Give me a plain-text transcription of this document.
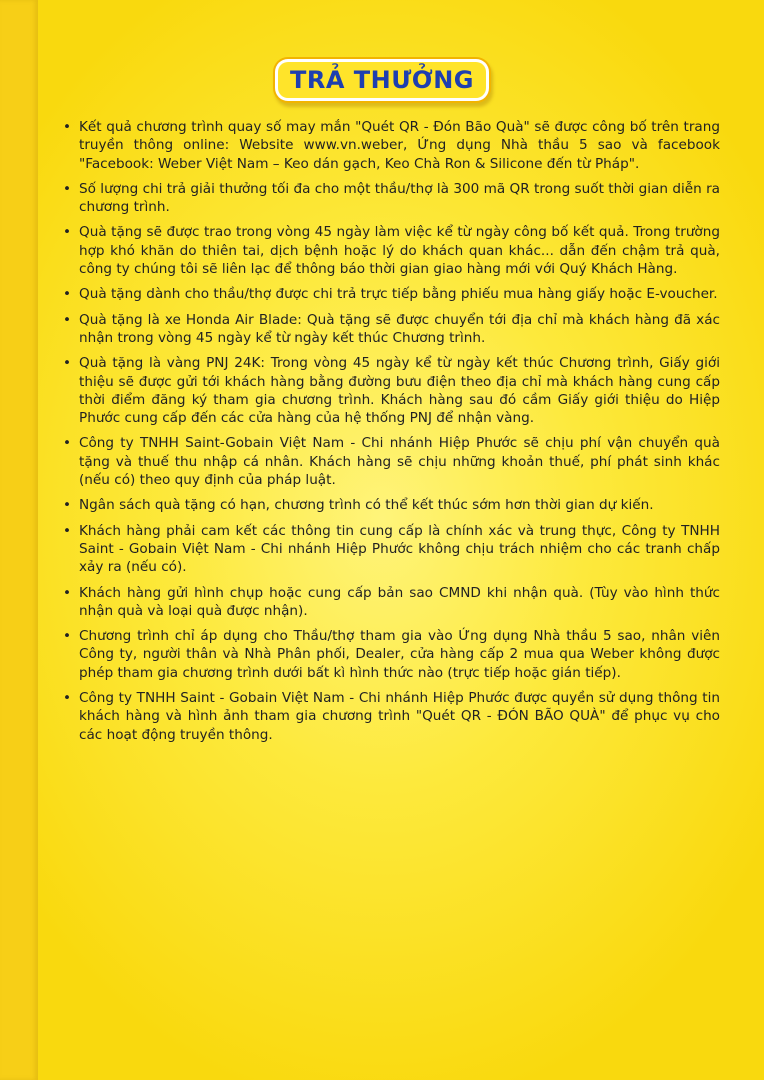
TRẢ THƯỞNG
• Kết quả chương trình quay số may mắn "Quét QR - Đón Bão Quà" sẽ được công bố trên trang truyền thông online: Website www.vn.weber, Ứng dụng Nhà thầu 5 sao và facebook "Facebook: Weber Việt Nam – Keo dán gạch, Keo Chà Ron & Silicone đến từ Pháp".
• Số lượng chi trả giải thưởng tối đa cho một thầu/thợ là 300 mã QR trong suốt thời gian diễn ra chương trình.
• Quà tặng sẽ được trao trong vòng 45 ngày làm việc kể từ ngày công bố kết quả. Trong trường hợp khó khăn do thiên tai, dịch bệnh hoặc lý do khách quan khác... dẫn đến chậm trả quà, công ty chúng tôi sẽ liên lạc để thông báo thời gian giao hàng mới với Quý Khách Hàng.
• Quà tặng dành cho thầu/thợ được chi trả trực tiếp bằng phiếu mua hàng giấy hoặc E-voucher.
• Quà tặng là xe Honda Air Blade: Quà tặng sẽ được chuyển tới địa chỉ mà khách hàng đã xác nhận trong vòng 45 ngày kể từ ngày kết thúc Chương trình.
• Quà tặng là vàng PNJ 24K: Trong vòng 45 ngày kể từ ngày kết thúc Chương trình, Giấy giới thiệu sẽ được gửi tới khách hàng bằng đường bưu điện theo địa chỉ mà khách hàng cung cấp thời điểm đăng ký tham gia chương trình. Khách hàng sau đó cầm Giấy giới thiệu do Hiệp Phước cung cấp đến các cửa hàng của hệ thống PNJ để nhận vàng.
• Công ty TNHH Saint-Gobain Việt Nam - Chi nhánh Hiệp Phước sẽ chịu phí vận chuyển quà tặng và thuế thu nhập cá nhân. Khách hàng sẽ chịu những khoản thuế, phí phát sinh khác (nếu có) theo quy định của pháp luật.
• Ngân sách quà tặng có hạn, chương trình có thể kết thúc sớm hơn thời gian dự kiến.
• Khách hàng phải cam kết các thông tin cung cấp là chính xác và trung thực, Công ty TNHH Saint - Gobain Việt Nam - Chi nhánh Hiệp Phước không chịu trách nhiệm cho các tranh chấp xảy ra (nếu có).
• Khách hàng gửi hình chụp hoặc cung cấp bản sao CMND khi nhận quà. (Tùy vào hình thức nhận quà và loại quà được nhận).
• Chương trình chỉ áp dụng cho Thầu/thợ tham gia vào Ứng dụng Nhà thầu 5 sao, nhân viên Công ty, người thân và Nhà Phân phối, Dealer, cửa hàng cấp 2 mua qua Weber không được phép tham gia chương trình dưới bất kì hình thức nào (trực tiếp hoặc gián tiếp).
• Công ty TNHH Saint - Gobain Việt Nam - Chi nhánh Hiệp Phước được quyền sử dụng thông tin khách hàng và hình ảnh tham gia chương trình "Quét QR - ĐÓN BÃO QUÀ" để phục vụ cho các hoạt động truyền thông.
